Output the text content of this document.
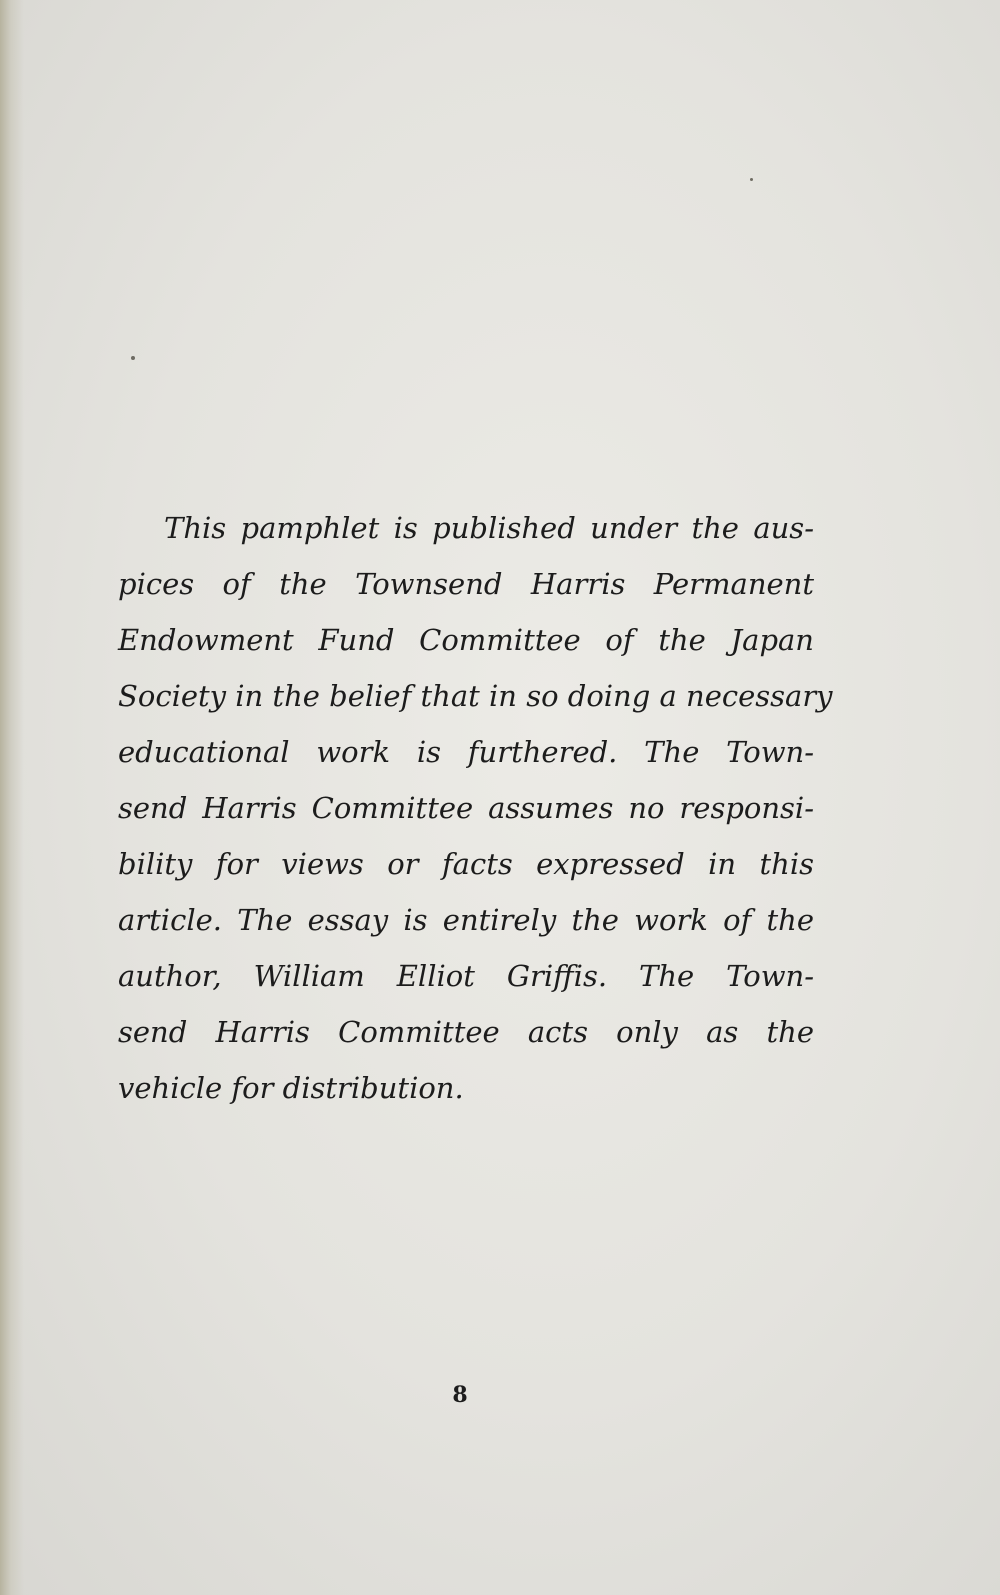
This pamphlet is published under the aus-
pices of the Townsend Harris Permanent
Endowment Fund Committee of the Japan
Society in the belief that in so doing a necessary
educational work is furthered. The Town-
send Harris Committee assumes no responsi-
bility for views or facts expressed in this
article. The essay is entirely the work of the
author, William Elliot Griffis. The Town-
send Harris Committee acts only as the
vehicle for distribution.
8
